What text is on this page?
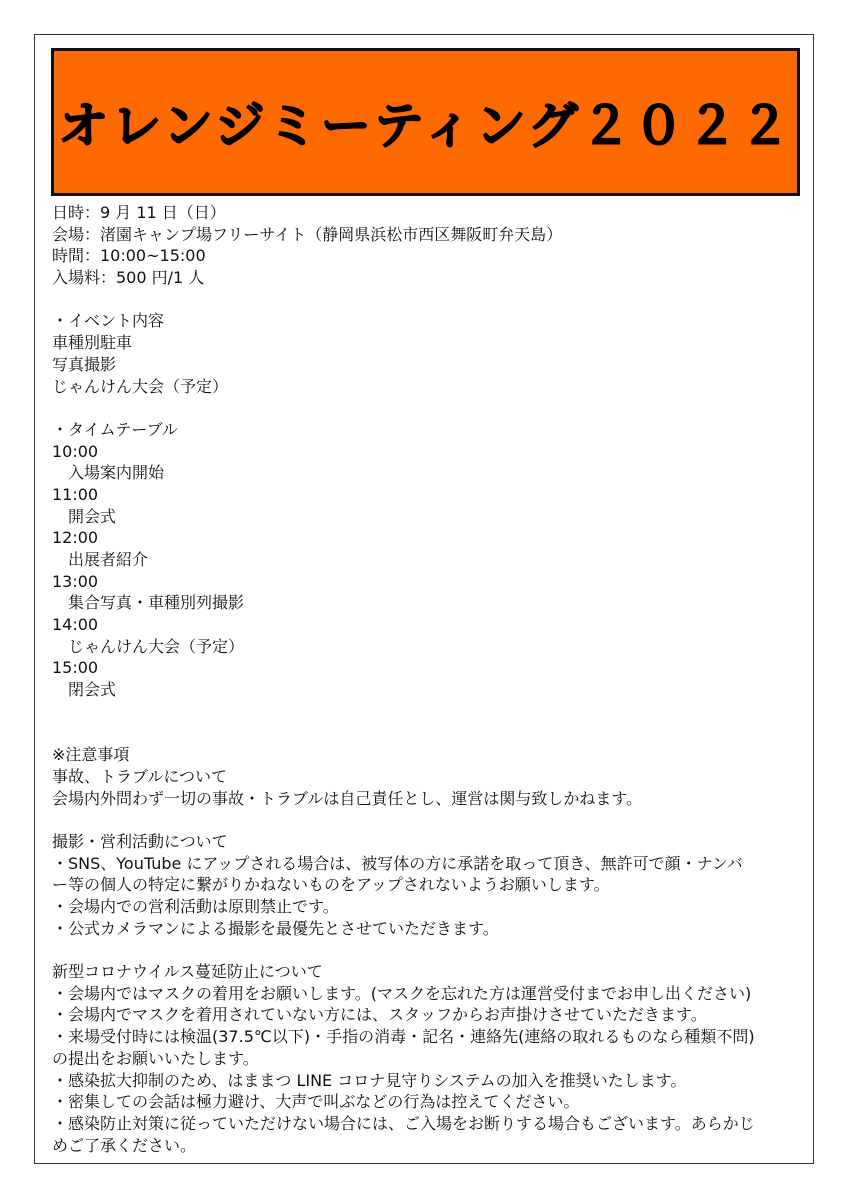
オレンジミーティング２０２２
日時：9 月 11 日（日）
会場：渚園キャンプ場フリーサイト（静岡県浜松市西区舞阪町弁天島）
時間：10:00~15:00
入場料：500 円/1 人
・イベント内容
車種別駐車
写真撮影
じゃんけん大会（予定）
・タイムテーブル
10:00
入場案内開始
11:00
開会式
12:00
出展者紹介
13:00
集合写真・車種別列撮影
14:00
じゃんけん大会（予定）
15:00
閉会式
※注意事項
事故、トラブルについて
会場内外問わず一切の事故・トラブルは自己責任とし、運営は関与致しかねます。
撮影・営利活動について
・SNS、YouTube にアップされる場合は、被写体の方に承諾を取って頂き、無許可で顔・ナンバ
ー等の個人の特定に繋がりかねないものをアップされないようお願いします。
・会場内での営利活動は原則禁止です。
・公式カメラマンによる撮影を最優先とさせていただきます。
新型コロナウイルス蔓延防止について
・会場内ではマスクの着用をお願いします。(マスクを忘れた方は運営受付までお申し出ください)
・会場内でマスクを着用されていない方には、スタッフからお声掛けさせていただきます。
・来場受付時には検温(37.5℃以下)・手指の消毒・記名・連絡先(連絡の取れるものなら種類不問)
の提出をお願いいたします。
・感染拡大抑制のため、はままつ LINE コロナ見守りシステムの加入を推奨いたします。
・密集しての会話は極力避け、大声で叫ぶなどの行為は控えてください。
・感染防止対策に従っていただけない場合には、ご入場をお断りする場合もございます。あらかじ
めご了承ください。
